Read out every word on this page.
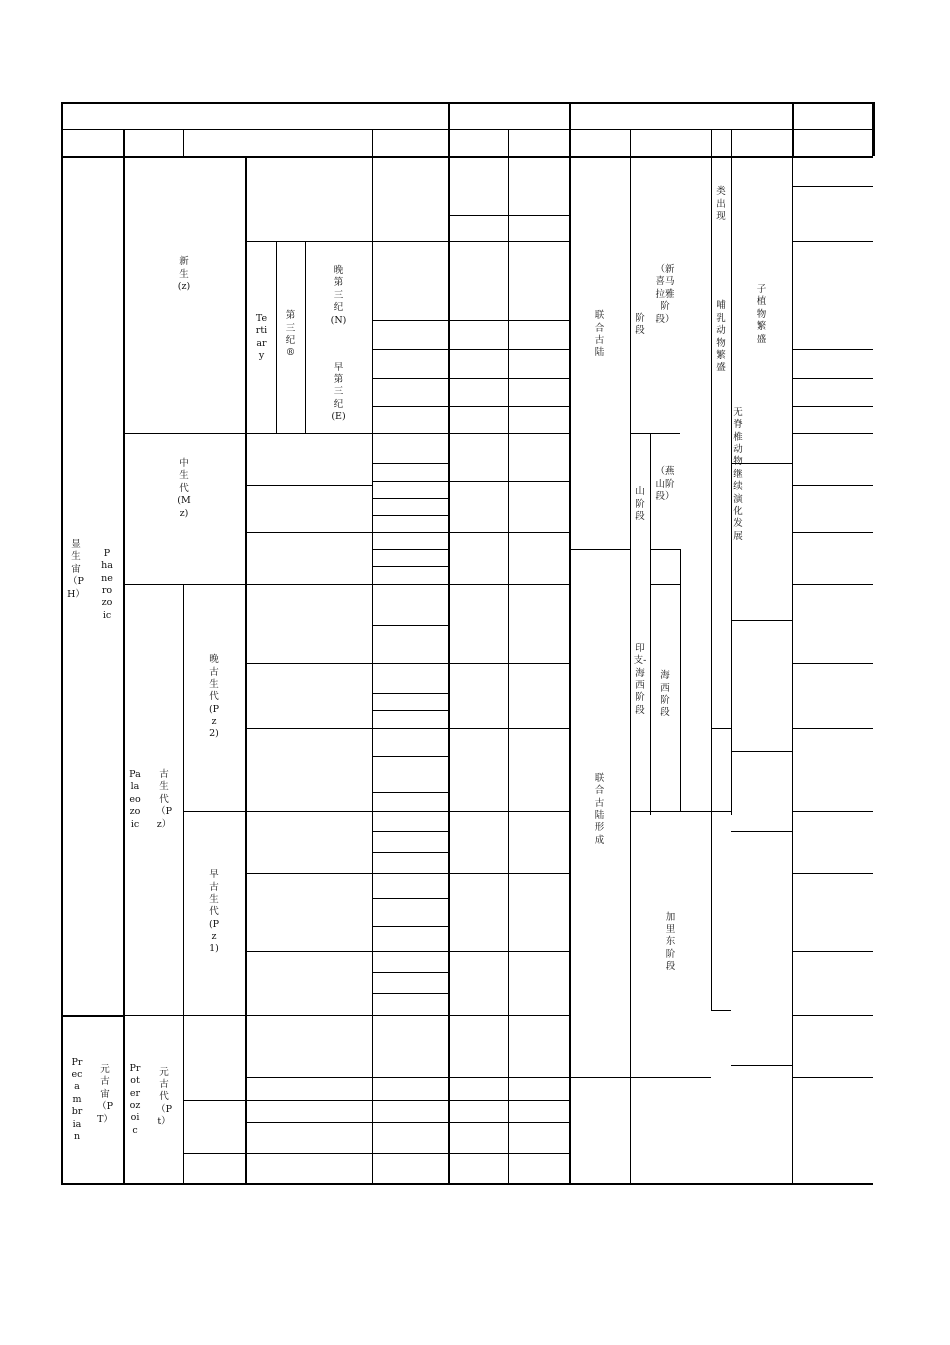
显生宙（PH）
Phanerozoic
Precambrian
元古宙（PT）
新生(z)
中生代(Mz)
Palaeozoic
古生代（Pz）
晚古生代(Pz2)
早古生代(Pz1)
Proterozoic
元古代（Pt）
Tertiary
第三纪®
晚第三纪(N)
早第三纪(E)
联合古陆
联合古陆形成
（新喜马拉雅阶段）
阶段
（燕山阶段）
山阶段
印支-海西阶段
海西阶段
加里东阶段
类出现
哺乳动物繁盛
无脊椎动物继续演化发展
子植物繁盛
